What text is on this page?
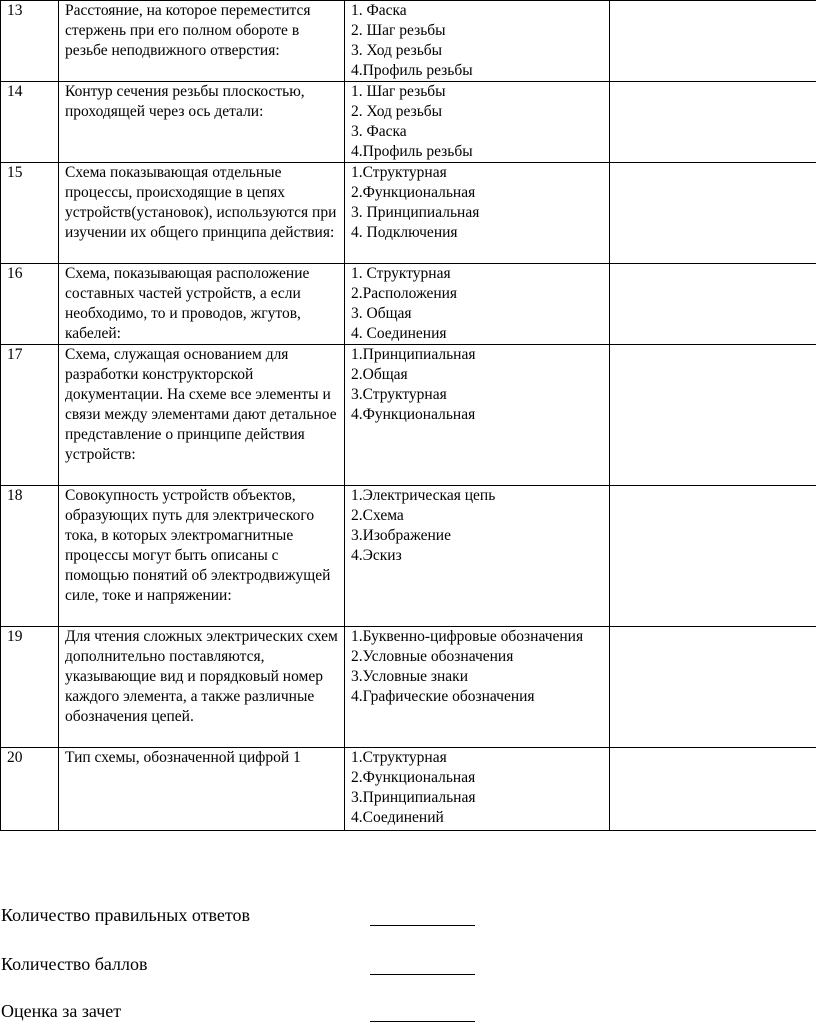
13	Расстояние, на которое переместится стержень при его полном обороте в резьбе неподвижного отверстия:	1. Фаска
2. Шаг резьбы
3. Ход резьбы
4.Профиль резьбы	

14	Контур сечения резьбы плоскостью, проходящей через ось детали:	1. Шаг резьбы
2. Ход резьбы
3. Фаска
4.Профиль резьбы	

15	Схема показывающая отдельные процессы, происходящие в цепях устройств(установок), используются при изучении их общего принципа действия:	1.Структурная
2.Функциональная
3. Принципиальная
4. Подключения	

16	Схема, показывающая расположение составных частей устройств, а если необходимо, то и проводов, жгутов, кабелей:	1. Структурная
2.Расположения
3. Общая
4. Соединения	

17	Схема, служащая основанием для разработки конструкторской документации. На схеме все элементы и связи между элементами дают детальное представление о принципе действия устройств:	1.Принципиальная
2.Общая
3.Структурная
4.Функциональная	

18	Совокупность устройств объектов, образующих путь для электрического тока, в которых электромагнитные процессы могут быть описаны с помощью понятий об электродвижущей силе, токе и напряжении:	1.Электрическая цепь
2.Схема
3.Изображение
4.Эскиз	

19	Для чтения сложных электрических схем дополнительно поставляются, указывающие вид и порядковый номер каждого элемента, а также различные обозначения цепей.	1.Буквенно-цифровые обозначения
2.Условные обозначения
3.Условные знаки
4.Графические обозначения	

20	Тип схемы, обозначенной цифрой 1	1.Структурная
2.Функциональная
3.Принципиальная
4.Соединений	

Количество правильных ответов
Количество баллов
Оценка за зачет
